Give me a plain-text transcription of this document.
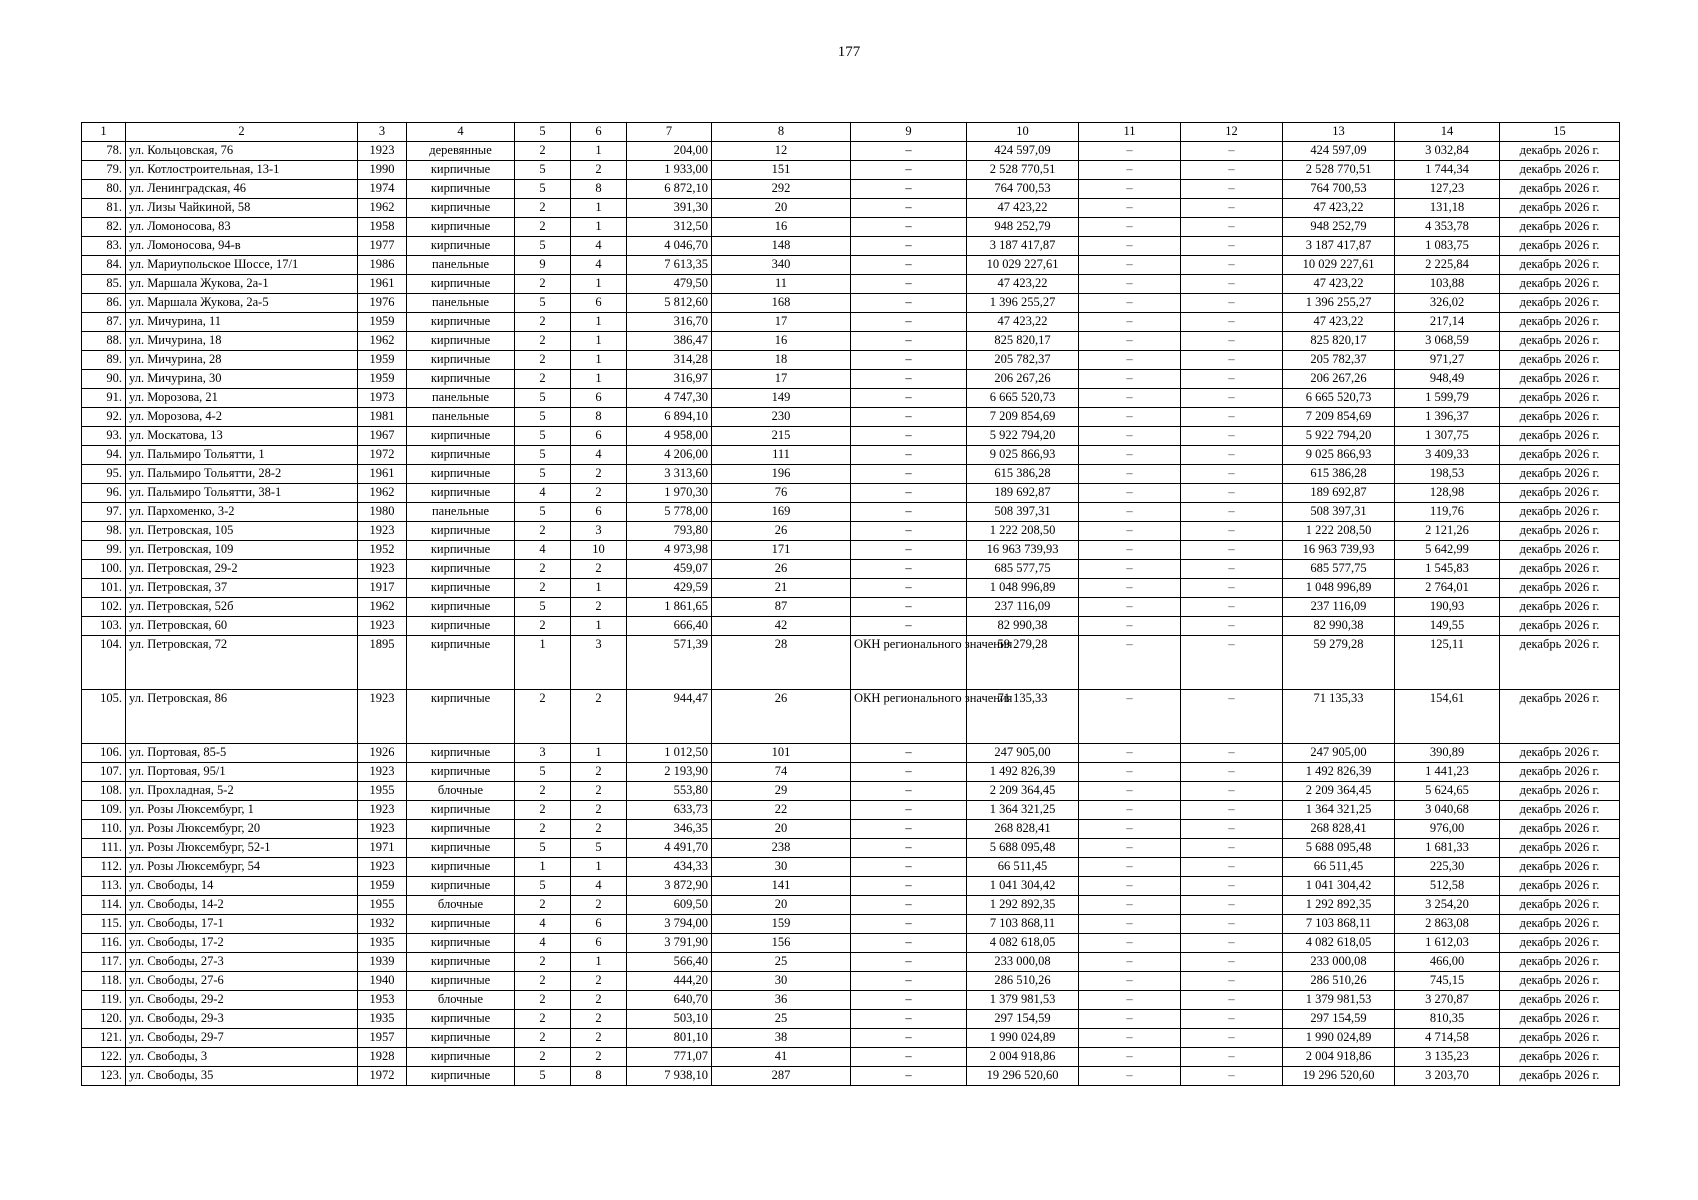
177
1	2	3	4	5	6	7	8	9	10	11	12	13	14	15
78.	ул. Кольцовская, 76	1923	деревянные	2	1	204,00	12	–	424 597,09	–	–	424 597,09	3 032,84	декабрь 2026 г.
79.	ул. Котлостроительная, 13-1	1990	кирпичные	5	2	1 933,00	151	–	2 528 770,51	–	–	2 528 770,51	1 744,34	декабрь 2026 г.
80.	ул. Ленинградская, 46	1974	кирпичные	5	8	6 872,10	292	–	764 700,53	–	–	764 700,53	127,23	декабрь 2026 г.
81.	ул. Лизы Чайкиной, 58	1962	кирпичные	2	1	391,30	20	–	47 423,22	–	–	47 423,22	131,18	декабрь 2026 г.
82.	ул. Ломоносова, 83	1958	кирпичные	2	1	312,50	16	–	948 252,79	–	–	948 252,79	4 353,78	декабрь 2026 г.
83.	ул. Ломоносова, 94-в	1977	кирпичные	5	4	4 046,70	148	–	3 187 417,87	–	–	3 187 417,87	1 083,75	декабрь 2026 г.
84.	ул. Мариупольское Шоссе, 17/1	1986	панельные	9	4	7 613,35	340	–	10 029 227,61	–	–	10 029 227,61	2 225,84	декабрь 2026 г.
85.	ул. Маршала Жукова, 2а-1	1961	кирпичные	2	1	479,50	11	–	47 423,22	–	–	47 423,22	103,88	декабрь 2026 г.
86.	ул. Маршала Жукова, 2а-5	1976	панельные	5	6	5 812,60	168	–	1 396 255,27	–	–	1 396 255,27	326,02	декабрь 2026 г.
87.	ул. Мичурина, 11	1959	кирпичные	2	1	316,70	17	–	47 423,22	–	–	47 423,22	217,14	декабрь 2026 г.
88.	ул. Мичурина, 18	1962	кирпичные	2	1	386,47	16	–	825 820,17	–	–	825 820,17	3 068,59	декабрь 2026 г.
89.	ул. Мичурина, 28	1959	кирпичные	2	1	314,28	18	–	205 782,37	–	–	205 782,37	971,27	декабрь 2026 г.
90.	ул. Мичурина, 30	1959	кирпичные	2	1	316,97	17	–	206 267,26	–	–	206 267,26	948,49	декабрь 2026 г.
91.	ул. Морозова, 21	1973	панельные	5	6	4 747,30	149	–	6 665 520,73	–	–	6 665 520,73	1 599,79	декабрь 2026 г.
92.	ул. Морозова, 4-2	1981	панельные	5	8	6 894,10	230	–	7 209 854,69	–	–	7 209 854,69	1 396,37	декабрь 2026 г.
93.	ул. Москатова, 13	1967	кирпичные	5	6	4 958,00	215	–	5 922 794,20	–	–	5 922 794,20	1 307,75	декабрь 2026 г.
94.	ул. Пальмиро Тольятти, 1	1972	кирпичные	5	4	4 206,00	111	–	9 025 866,93	–	–	9 025 866,93	3 409,33	декабрь 2026 г.
95.	ул. Пальмиро Тольятти, 28-2	1961	кирпичные	5	2	3 313,60	196	–	615 386,28	–	–	615 386,28	198,53	декабрь 2026 г.
96.	ул. Пальмиро Тольятти, 38-1	1962	кирпичные	4	2	1 970,30	76	–	189 692,87	–	–	189 692,87	128,98	декабрь 2026 г.
97.	ул. Пархоменко, 3-2	1980	панельные	5	6	5 778,00	169	–	508 397,31	–	–	508 397,31	119,76	декабрь 2026 г.
98.	ул. Петровская, 105	1923	кирпичные	2	3	793,80	26	–	1 222 208,50	–	–	1 222 208,50	2 121,26	декабрь 2026 г.
99.	ул. Петровская, 109	1952	кирпичные	4	10	4 973,98	171	–	16 963 739,93	–	–	16 963 739,93	5 642,99	декабрь 2026 г.
100.	ул. Петровская, 29-2	1923	кирпичные	2	2	459,07	26	–	685 577,75	–	–	685 577,75	1 545,83	декабрь 2026 г.
101.	ул. Петровская, 37	1917	кирпичные	2	1	429,59	21	–	1 048 996,89	–	–	1 048 996,89	2 764,01	декабрь 2026 г.
102.	ул. Петровская, 52б	1962	кирпичные	5	2	1 861,65	87	–	237 116,09	–	–	237 116,09	190,93	декабрь 2026 г.
103.	ул. Петровская, 60	1923	кирпичные	2	1	666,40	42	–	82 990,38	–	–	82 990,38	149,55	декабрь 2026 г.
104.	ул. Петровская, 72	1895	кирпичные	1	3	571,39	28	ОКН регионального значения	59 279,28	–	–	59 279,28	125,11	декабрь 2026 г.
105.	ул. Петровская, 86	1923	кирпичные	2	2	944,47	26	ОКН регионального значения	71 135,33	–	–	71 135,33	154,61	декабрь 2026 г.
106.	ул. Портовая, 85-5	1926	кирпичные	3	1	1 012,50	101	–	247 905,00	–	–	247 905,00	390,89	декабрь 2026 г.
107.	ул. Портовая, 95/1	1923	кирпичные	5	2	2 193,90	74	–	1 492 826,39	–	–	1 492 826,39	1 441,23	декабрь 2026 г.
108.	ул. Прохладная, 5-2	1955	блочные	2	2	553,80	29	–	2 209 364,45	–	–	2 209 364,45	5 624,65	декабрь 2026 г.
109.	ул. Розы Люксембург, 1	1923	кирпичные	2	2	633,73	22	–	1 364 321,25	–	–	1 364 321,25	3 040,68	декабрь 2026 г.
110.	ул. Розы Люксембург, 20	1923	кирпичные	2	2	346,35	20	–	268 828,41	–	–	268 828,41	976,00	декабрь 2026 г.
111.	ул. Розы Люксембург, 52-1	1971	кирпичные	5	5	4 491,70	238	–	5 688 095,48	–	–	5 688 095,48	1 681,33	декабрь 2026 г.
112.	ул. Розы Люксембург, 54	1923	кирпичные	1	1	434,33	30	–	66 511,45	–	–	66 511,45	225,30	декабрь 2026 г.
113.	ул. Свободы, 14	1959	кирпичные	5	4	3 872,90	141	–	1 041 304,42	–	–	1 041 304,42	512,58	декабрь 2026 г.
114.	ул. Свободы, 14-2	1955	блочные	2	2	609,50	20	–	1 292 892,35	–	–	1 292 892,35	3 254,20	декабрь 2026 г.
115.	ул. Свободы, 17-1	1932	кирпичные	4	6	3 794,00	159	–	7 103 868,11	–	–	7 103 868,11	2 863,08	декабрь 2026 г.
116.	ул. Свободы, 17-2	1935	кирпичные	4	6	3 791,90	156	–	4 082 618,05	–	–	4 082 618,05	1 612,03	декабрь 2026 г.
117.	ул. Свободы, 27-3	1939	кирпичные	2	1	566,40	25	–	233 000,08	–	–	233 000,08	466,00	декабрь 2026 г.
118.	ул. Свободы, 27-6	1940	кирпичные	2	2	444,20	30	–	286 510,26	–	–	286 510,26	745,15	декабрь 2026 г.
119.	ул. Свободы, 29-2	1953	блочные	2	2	640,70	36	–	1 379 981,53	–	–	1 379 981,53	3 270,87	декабрь 2026 г.
120.	ул. Свободы, 29-3	1935	кирпичные	2	2	503,10	25	–	297 154,59	–	–	297 154,59	810,35	декабрь 2026 г.
121.	ул. Свободы, 29-7	1957	кирпичные	2	2	801,10	38	–	1 990 024,89	–	–	1 990 024,89	4 714,58	декабрь 2026 г.
122.	ул. Свободы, 3	1928	кирпичные	2	2	771,07	41	–	2 004 918,86	–	–	2 004 918,86	3 135,23	декабрь 2026 г.
123.	ул. Свободы, 35	1972	кирпичные	5	8	7 938,10	287	–	19 296 520,60	–	–	19 296 520,60	3 203,70	декабрь 2026 г.
